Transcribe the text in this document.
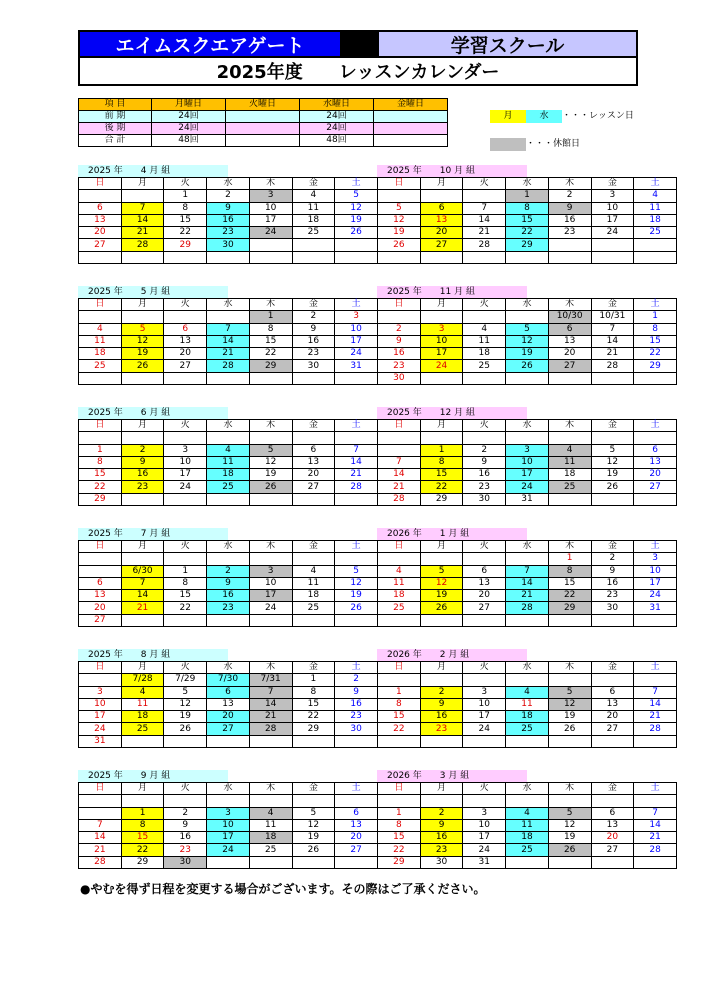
エイムスクエアゲート	学習スクール
2025年度 レッスンカレンダー
項 目	月曜日	火曜日	水曜日	金曜日
前 期	24回		24回	
後 期	24回		24回	
合 計	48回		48回	
月	水 ・・・レッスン日
・・・休館日
2025 年　　4 月 組
日	月	火	水	木	金	土
		1	2	3	4	5
6	7	8	9	10	11	12
13	14	15	16	17	18	19
20	21	22	23	24	25	26
27	28	29	30			

2025 年　　10 月 組
日	月	火	水	木	金	土
			1	2	3	4
5	6	7	8	9	10	11
12	13	14	15	16	17	18
19	20	21	22	23	24	25
26	27	28	29			

2025 年　　5 月 組
日	月	火	水	木	金	土
				1	2	3
4	5	6	7	8	9	10
11	12	13	14	15	16	17
18	19	20	21	22	23	24
25	26	27	28	29	30	31

2025 年　　11 月 組
日	月	火	水	木	金	土
				10/30	10/31	1
2	3	4	5	6	7	8
9	10	11	12	13	14	15
16	17	18	19	20	21	22
23	24	25	26	27	28	29
30						
2025 年　　6 月 組
日	月	火	水	木	金	土

1	2	3	4	5	6	7
8	9	10	11	12	13	14
15	16	17	18	19	20	21
22	23	24	25	26	27	28
29						
2025 年　　12 月 組
日	月	火	水	木	金	土

	1	2	3	4	5	6
7	8	9	10	11	12	13
14	15	16	17	18	19	20
21	22	23	24	25	26	27
28	29	30	31			
2025 年　　7 月 組
日	月	火	水	木	金	土

	6/30	1	2	3	4	5
6	7	8	9	10	11	12
13	14	15	16	17	18	19
20	21	22	23	24	25	26
27						
2026 年　　1 月 組
日	月	火	水	木	金	土
				1	2	3
4	5	6	7	8	9	10
11	12	13	14	15	16	17
18	19	20	21	22	23	24
25	26	27	28	29	30	31

2025 年　　8 月 組
日	月	火	水	木	金	土
	7/28	7/29	7/30	7/31	1	2
3	4	5	6	7	8	9
10	11	12	13	14	15	16
17	18	19	20	21	22	23
24	25	26	27	28	29	30
31						
2026 年　　2 月 組
日	月	火	水	木	金	土

1	2	3	4	5	6	7
8	9	10	11	12	13	14
15	16	17	18	19	20	21
22	23	24	25	26	27	28

2025 年　　9 月 組
日	月	火	水	木	金	土

	1	2	3	4	5	6
7	8	9	10	11	12	13
14	15	16	17	18	19	20
21	22	23	24	25	26	27
28	29	30				
2026 年　　3 月 組
日	月	火	水	木	金	土

1	2	3	4	5	6	7
8	9	10	11	12	13	14
15	16	17	18	19	20	21
22	23	24	25	26	27	28
29	30	31				
●やむを得ず日程を変更する場合がございます。その際はご了承ください。
